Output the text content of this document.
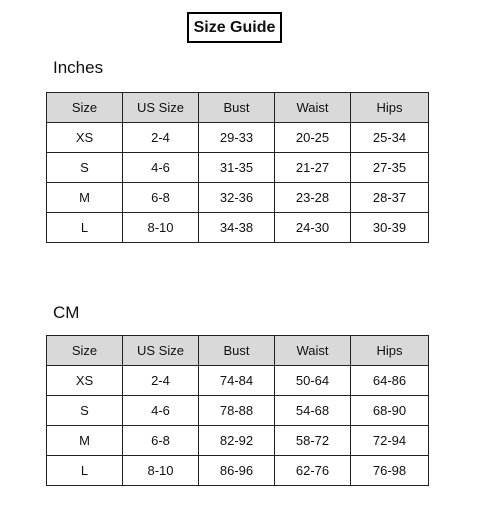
Size Guide
Inches
Size	US Size	Bust	Waist	Hips
XS	2-4	29-33	20-25	25-34
S	4-6	31-35	21-27	27-35
M	6-8	32-36	23-28	28-37
L	8-10	34-38	24-30	30-39
CM
Size	US Size	Bust	Waist	Hips
XS	2-4	74-84	50-64	64-86
S	4-6	78-88	54-68	68-90
M	6-8	82-92	58-72	72-94
L	8-10	86-96	62-76	76-98
